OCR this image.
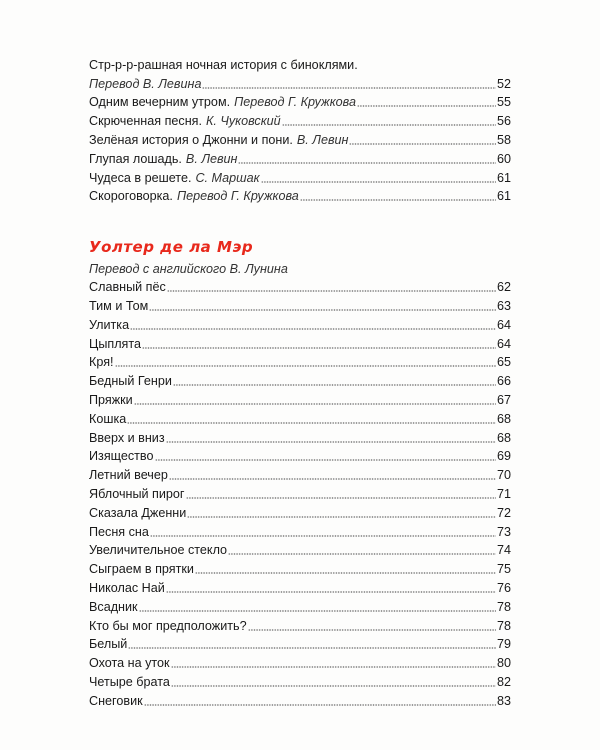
Стр-р-р-рашная ночная история с биноклями.
Перевод В. Левина	52
Одним вечерним утром. Перевод Г. Кружкова	55
Скрюченная песня. К. Чуковский	56
Зелёная история о Джонни и пони. В. Левин	58
Глупая лошадь. В. Левин	60
Чудеса в решете. С. Маршак	61
Скороговорка. Перевод Г. Кружкова	61
Уолтер де ла Мэр
Перевод с английского В. Лунина
Славный пёс	62
Тим и Том	63
Улитка	64
Цыплята	64
Кря!	65
Бедный Генри	66
Пряжки	67
Кошка	68
Вверх и вниз	68
Изящество	69
Летний вечер	70
Яблочный пирог	71
Сказала Дженни	72
Песня сна	73
Увеличительное стекло	74
Сыграем в прятки	75
Николас Най	76
Всадник	78
Кто бы мог предположить?	78
Белый	79
Охота на уток	80
Четыре брата	82
Снеговик	83
